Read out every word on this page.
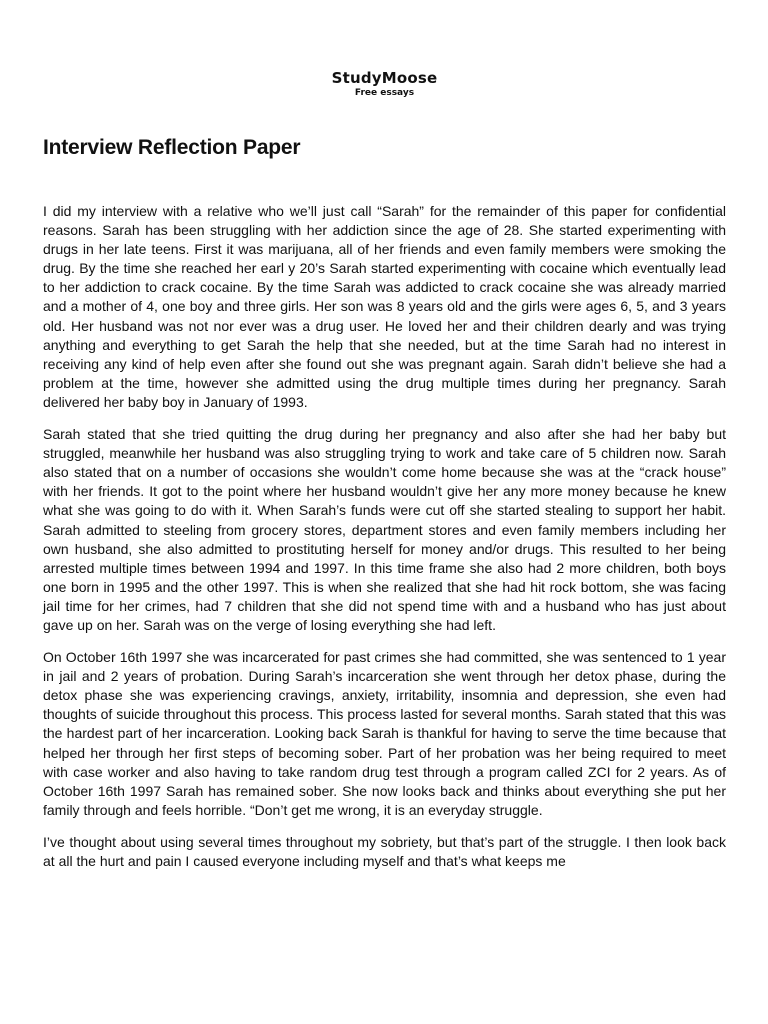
StudyMoose
Free essays
Interview Reflection Paper

I did my interview with a relative who we’ll just call “Sarah” for the remainder of this paper for confidential reasons. Sarah has been struggling with her addiction since the age of 28. She started experimenting with drugs in her late teens. First it was marijuana, all of her friends and even family members were smoking the drug. By the time she reached her earl y 20’s Sarah started experimenting with cocaine which eventually lead to her addiction to crack cocaine. By the time Sarah was addicted to crack cocaine she was already married and a mother of 4, one boy and three girls. Her son was 8 years old and the girls were ages 6, 5, and 3 years old. Her husband was not nor ever was a drug user. He loved her and their children dearly and was trying anything and everything to get Sarah the help that she needed, but at the time Sarah had no interest in receiving any kind of help even after she found out she was pregnant again. Sarah didn’t believe she had a problem at the time, however she admitted using the drug multiple times during her pregnancy. Sarah delivered her baby boy in January of 1993.

Sarah stated that she tried quitting the drug during her pregnancy and also after she had her baby but struggled, meanwhile her husband was also struggling trying to work and take care of 5 children now. Sarah also stated that on a number of occasions she wouldn’t come home because she was at the “crack house” with her friends. It got to the point where her husband wouldn’t give her any more money because he knew what she was going to do with it. When Sarah’s funds were cut off she started stealing to support her habit. Sarah admitted to steeling from grocery stores, department stores and even family members including her own husband, she also admitted to prostituting herself for money and/or drugs. This resulted to her being arrested multiple times between 1994 and 1997. In this time frame she also had 2 more children, both boys one born in 1995 and the other 1997. This is when she realized that she had hit rock bottom, she was facing jail time for her crimes, had 7 children that she did not spend time with and a husband who has just about gave up on her. Sarah was on the verge of losing everything she had left.

On October 16th 1997 she was incarcerated for past crimes she had committed, she was sentenced to 1 year in jail and 2 years of probation. During Sarah’s incarceration she went through her detox phase, during the detox phase she was experiencing cravings, anxiety, irritability, insomnia and depression, she even had thoughts of suicide throughout this process. This process lasted for several months. Sarah stated that this was the hardest part of her incarceration. Looking back Sarah is thankful for having to serve the time because that helped her through her first steps of becoming sober. Part of her probation was her being required to meet with case worker and also having to take random drug test through a program called ZCI for 2 years. As of October 16th 1997 Sarah has remained sober. She now looks back and thinks about everything she put her family through and feels horrible. “Don’t get me wrong, it is an everyday struggle.

I’ve thought about using several times throughout my sobriety, but that’s part of the struggle. I then look back at all the hurt and pain I caused everyone including myself and that’s what keeps me
